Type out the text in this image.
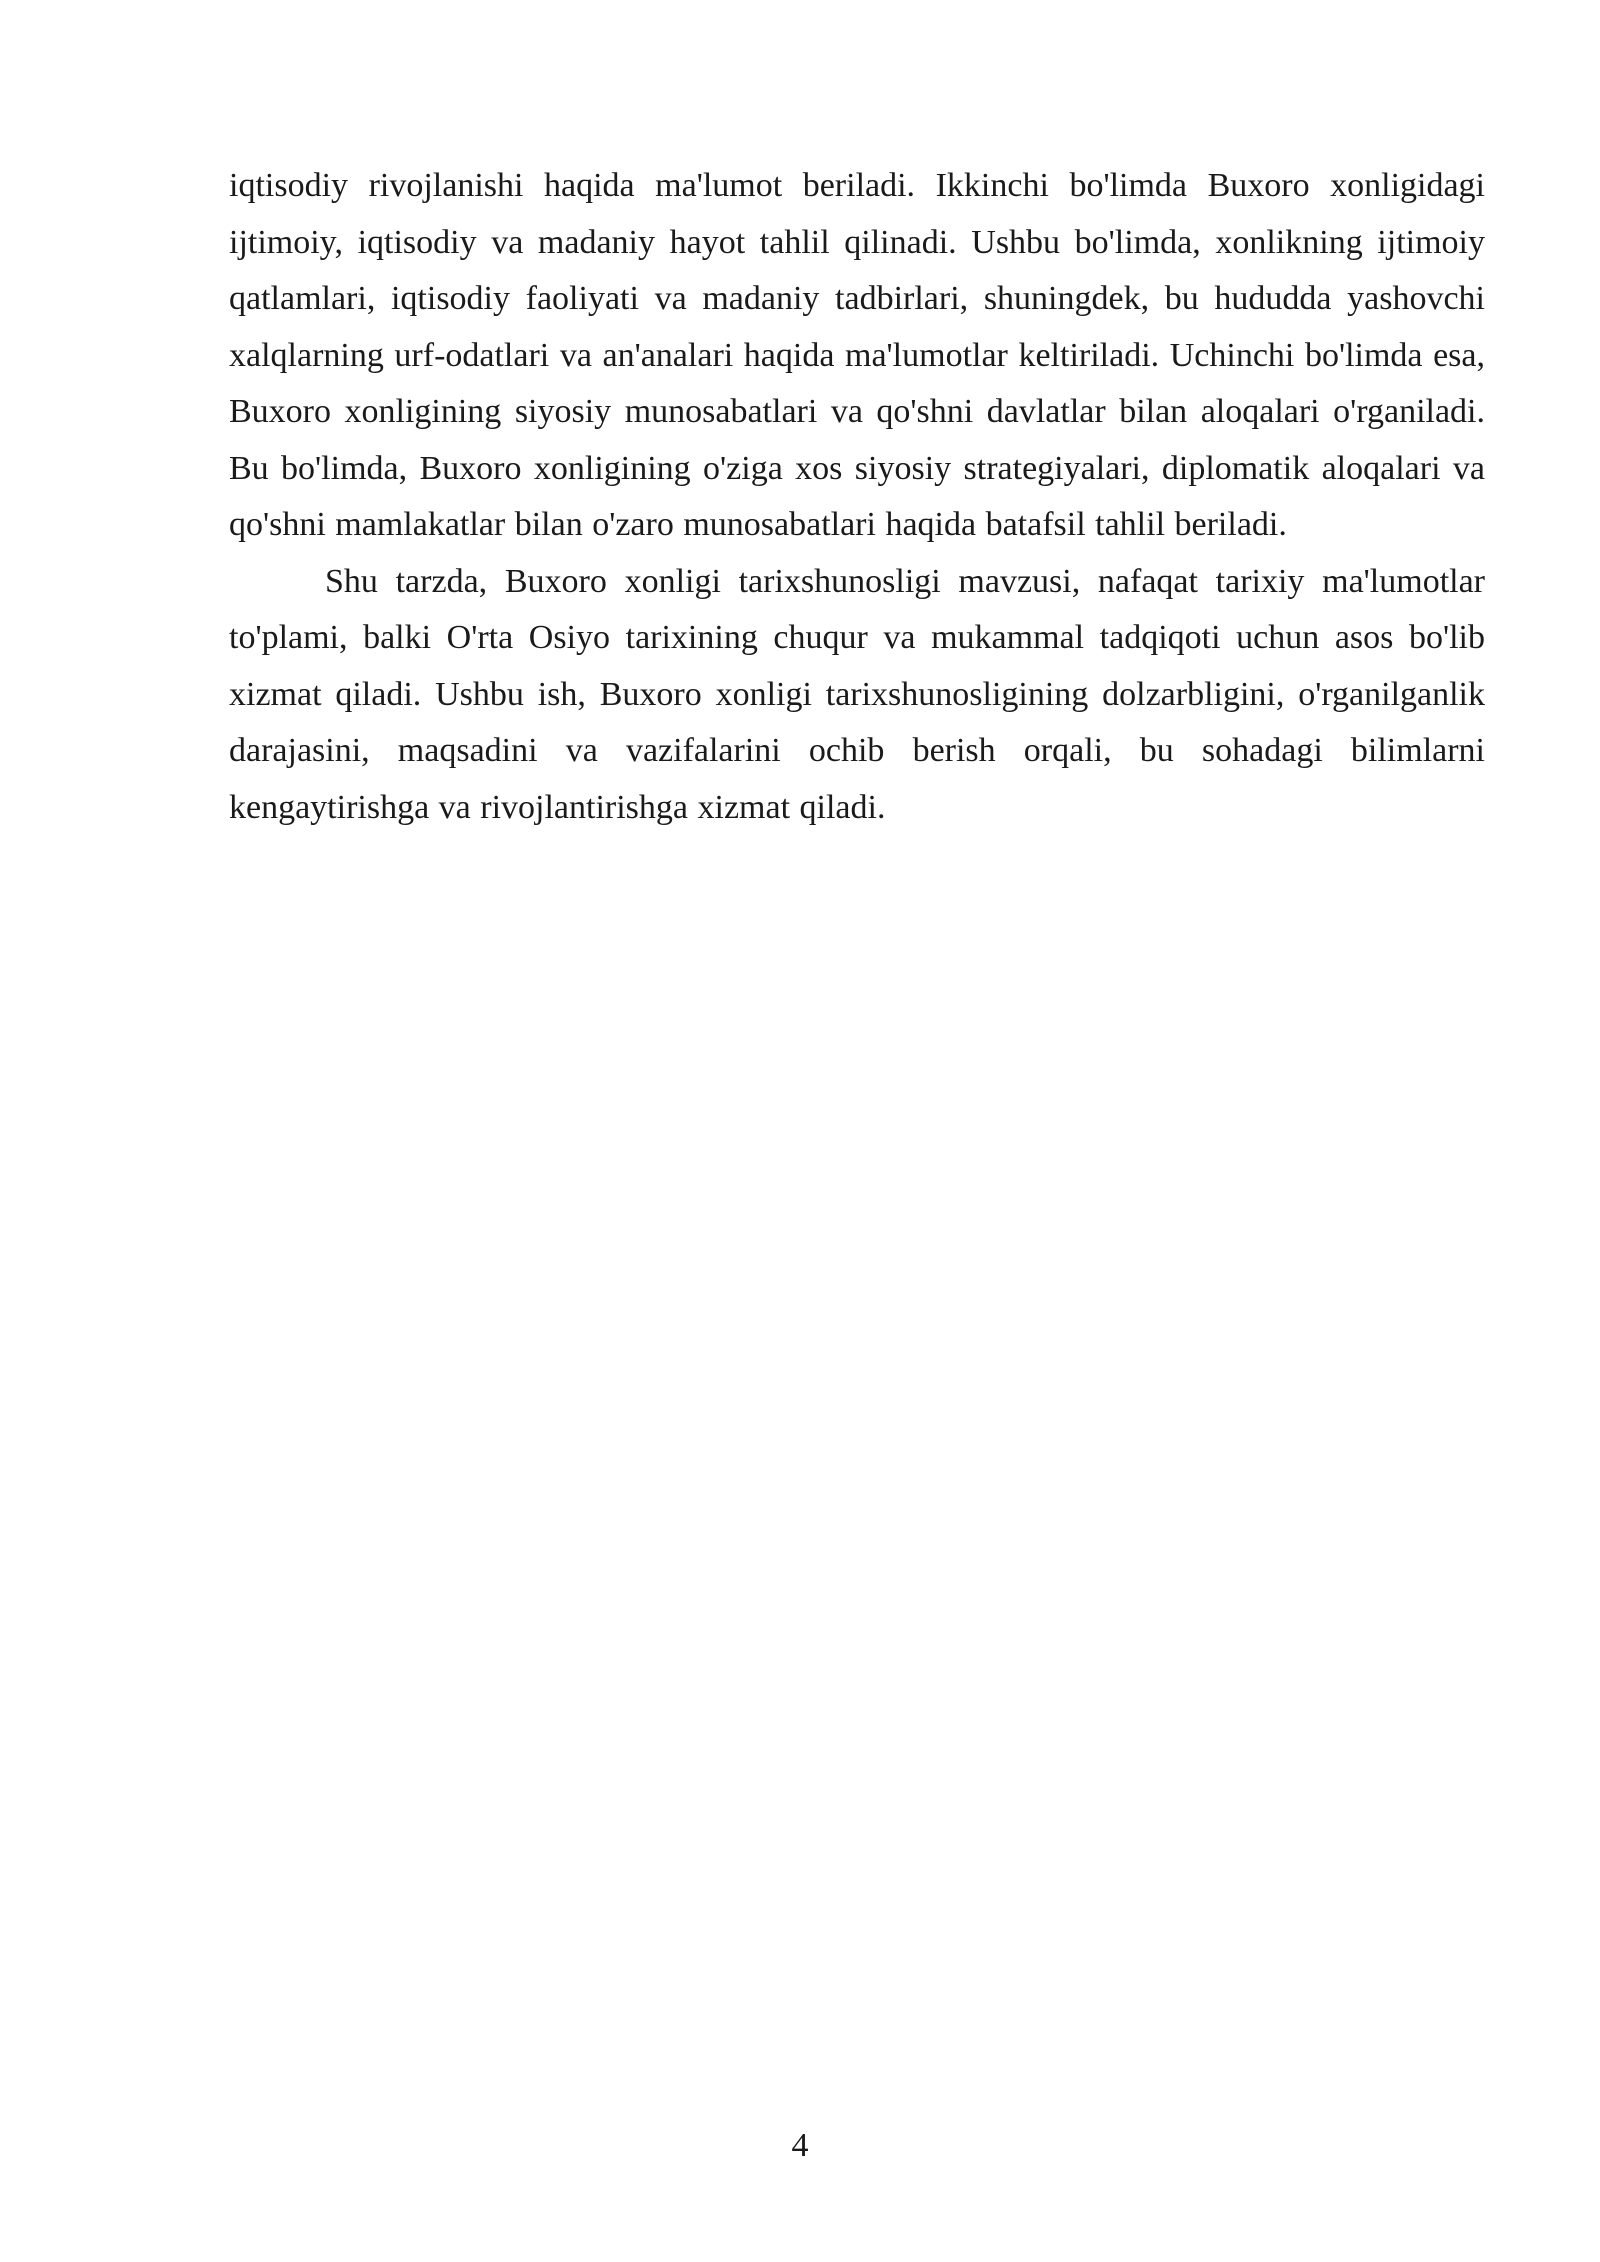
iqtisodiy rivojlanishi haqida ma'lumot beriladi. Ikkinchi bo'limda Buxoro xonligidagi ijtimoiy, iqtisodiy va madaniy hayot tahlil qilinadi. Ushbu bo'limda, xonlikning ijtimoiy qatlamlari, iqtisodiy faoliyati va madaniy tadbirlari, shuningdek, bu hududda yashovchi xalqlarning urf-odatlari va an'analari haqida ma'lumotlar keltiriladi. Uchinchi bo'limda esa, Buxoro xonligining siyosiy munosabatlari va qo'shni davlatlar bilan aloqalari o'rganiladi. Bu bo'limda, Buxoro xonligining o'ziga xos siyosiy strategiyalari, diplomatik aloqalari va qo'shni mamlakatlar bilan o'zaro munosabatlari haqida batafsil tahlil beriladi.

Shu tarzda, Buxoro xonligi tarixshunosligi mavzusi, nafaqat tarixiy ma'lumotlar to'plami, balki O'rta Osiyo tarixining chuqur va mukammal tadqiqoti uchun asos bo'lib xizmat qiladi. Ushbu ish, Buxoro xonligi tarixshunosligining dolzarbligini, o'rganilganlik darajasini, maqsadini va vazifalarini ochib berish orqali, bu sohadagi bilimlarni kengaytirishga va rivojlantirishga xizmat qiladi.

4
